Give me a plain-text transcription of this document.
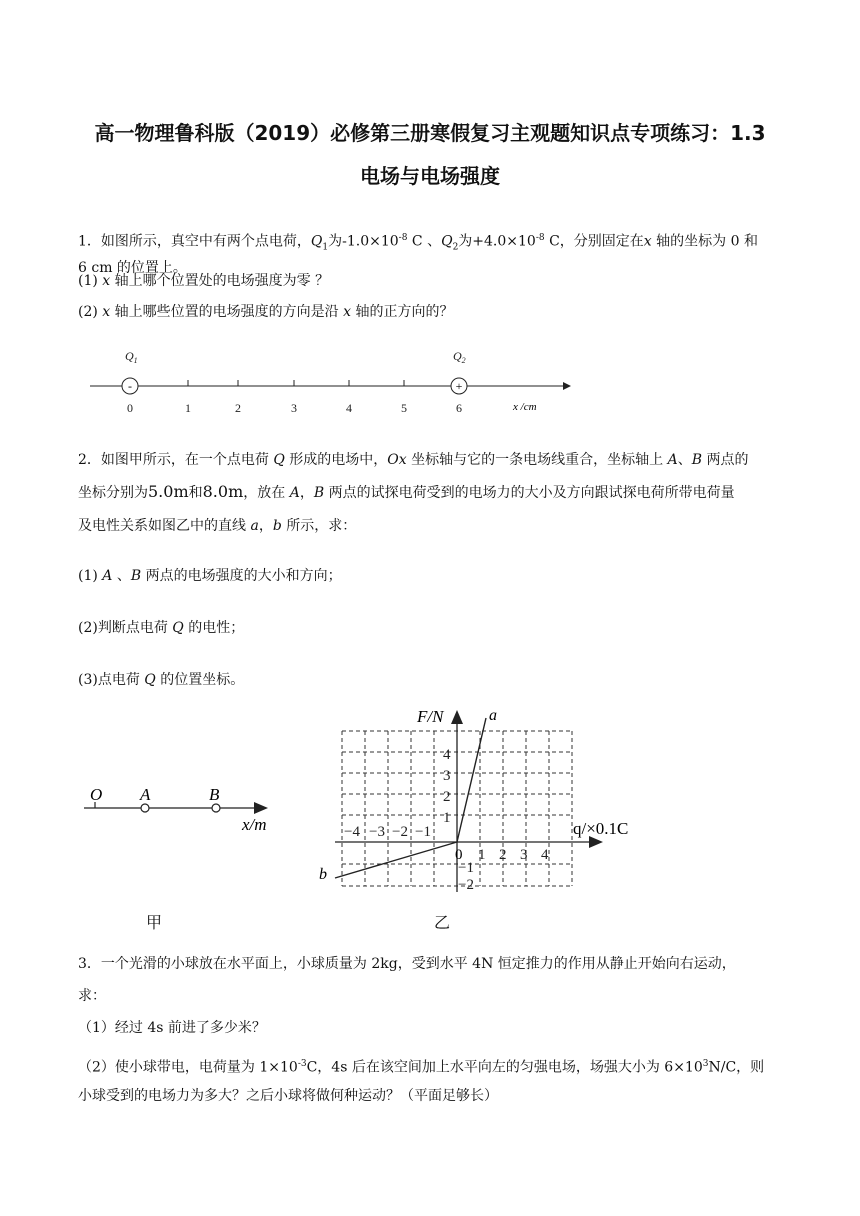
高一物理鲁科版（2019）必修第三册寒假复习主观题知识点专项练习：1.3
电场与电场强度
1．如图所示，真空中有两个点电荷，$Q_1$为$-1.0\times 10^{-8}$ C 、$Q_2$为$+4.0\times 10^{-8}$ C，分别固定在x 轴的坐标为 0 和
6 cm 的位置上。
(1) x 轴上哪个位置处的电场强度为零 ？
(2) x 轴上哪些位置的电场强度的方向是沿 x 轴的正方向的？
$Q_1$	$Q_2$
-	+
0	1	2	3	4	5	6	x /cm
2．如图甲所示，在一个点电荷 Q 形成的电场中，Ox 坐标轴与它的一条电场线重合，坐标轴上 A、B 两点的
坐标分别为5.0m和8.0m，放在 A，B 两点的试探电荷受到的电场力的大小及方向跟试探电荷所带电荷量
及电性关系如图乙中的直线 a，b 所示，求：
(1) A 、B 两点的电场强度的大小和方向；
(2)判断点电荷 Q 的电性；
(3)点电荷 Q 的位置坐标。
O A	B
x/m
甲
F/N
q/×0.1C
a
b
0
1
2
3
4
−1
−2
1 2 3 4
−4 −3 −2 −1
乙
3．一个光滑的小球放在水平面上，小球质量为 2kg，受到水平 4N 恒定推力的作用从静止开始向右运动，
求：
（1）经过 4s 前进了多少米？
（2）使小球带电，电荷量为 $1\times 10^{-3}C$，4s 后在该空间加上水平向左的匀强电场，场强大小为 $6\times 10^3N/C$，则
小球受到的电场力为多大？之后小球将做何种运动？（平面足够长）
